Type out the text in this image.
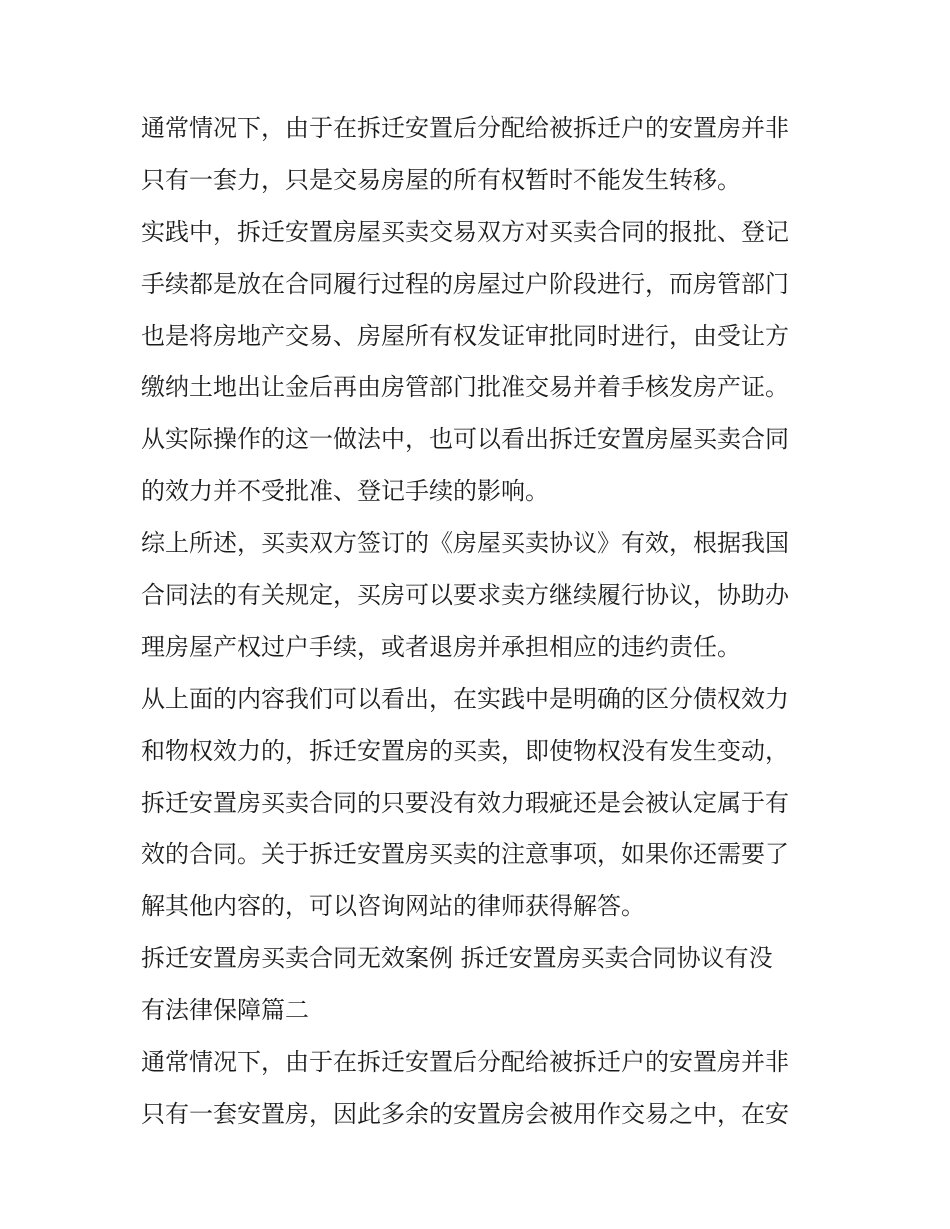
通常情况下，由于在拆迁安置后分配给被拆迁户的安置房并非
只有一套力，只是交易房屋的所有权暂时不能发生转移。
实践中，拆迁安置房屋买卖交易双方对买卖合同的报批、登记
手续都是放在合同履行过程的房屋过户阶段进行，而房管部门
也是将房地产交易、房屋所有权发证审批同时进行，由受让方
缴纳土地出让金后再由房管部门批准交易并着手核发房产证。
从实际操作的这一做法中，也可以看出拆迁安置房屋买卖合同
的效力并不受批准、登记手续的影响。
综上所述，买卖双方签订的《房屋买卖协议》有效，根据我国
合同法的有关规定，买房可以要求卖方继续履行协议，协助办
理房屋产权过户手续，或者退房并承担相应的违约责任。
从上面的内容我们可以看出，在实践中是明确的区分债权效力
和物权效力的，拆迁安置房的买卖，即使物权没有发生变动，
拆迁安置房买卖合同的只要没有效力瑕疵还是会被认定属于有
效的合同。关于拆迁安置房买卖的注意事项，如果你还需要了
解其他内容的，可以咨询网站的律师获得解答。
拆迁安置房买卖合同无效案例 拆迁安置房买卖合同协议有没
有法律保障篇二
通常情况下，由于在拆迁安置后分配给被拆迁户的安置房并非
只有一套安置房，因此多余的安置房会被用作交易之中，在安
